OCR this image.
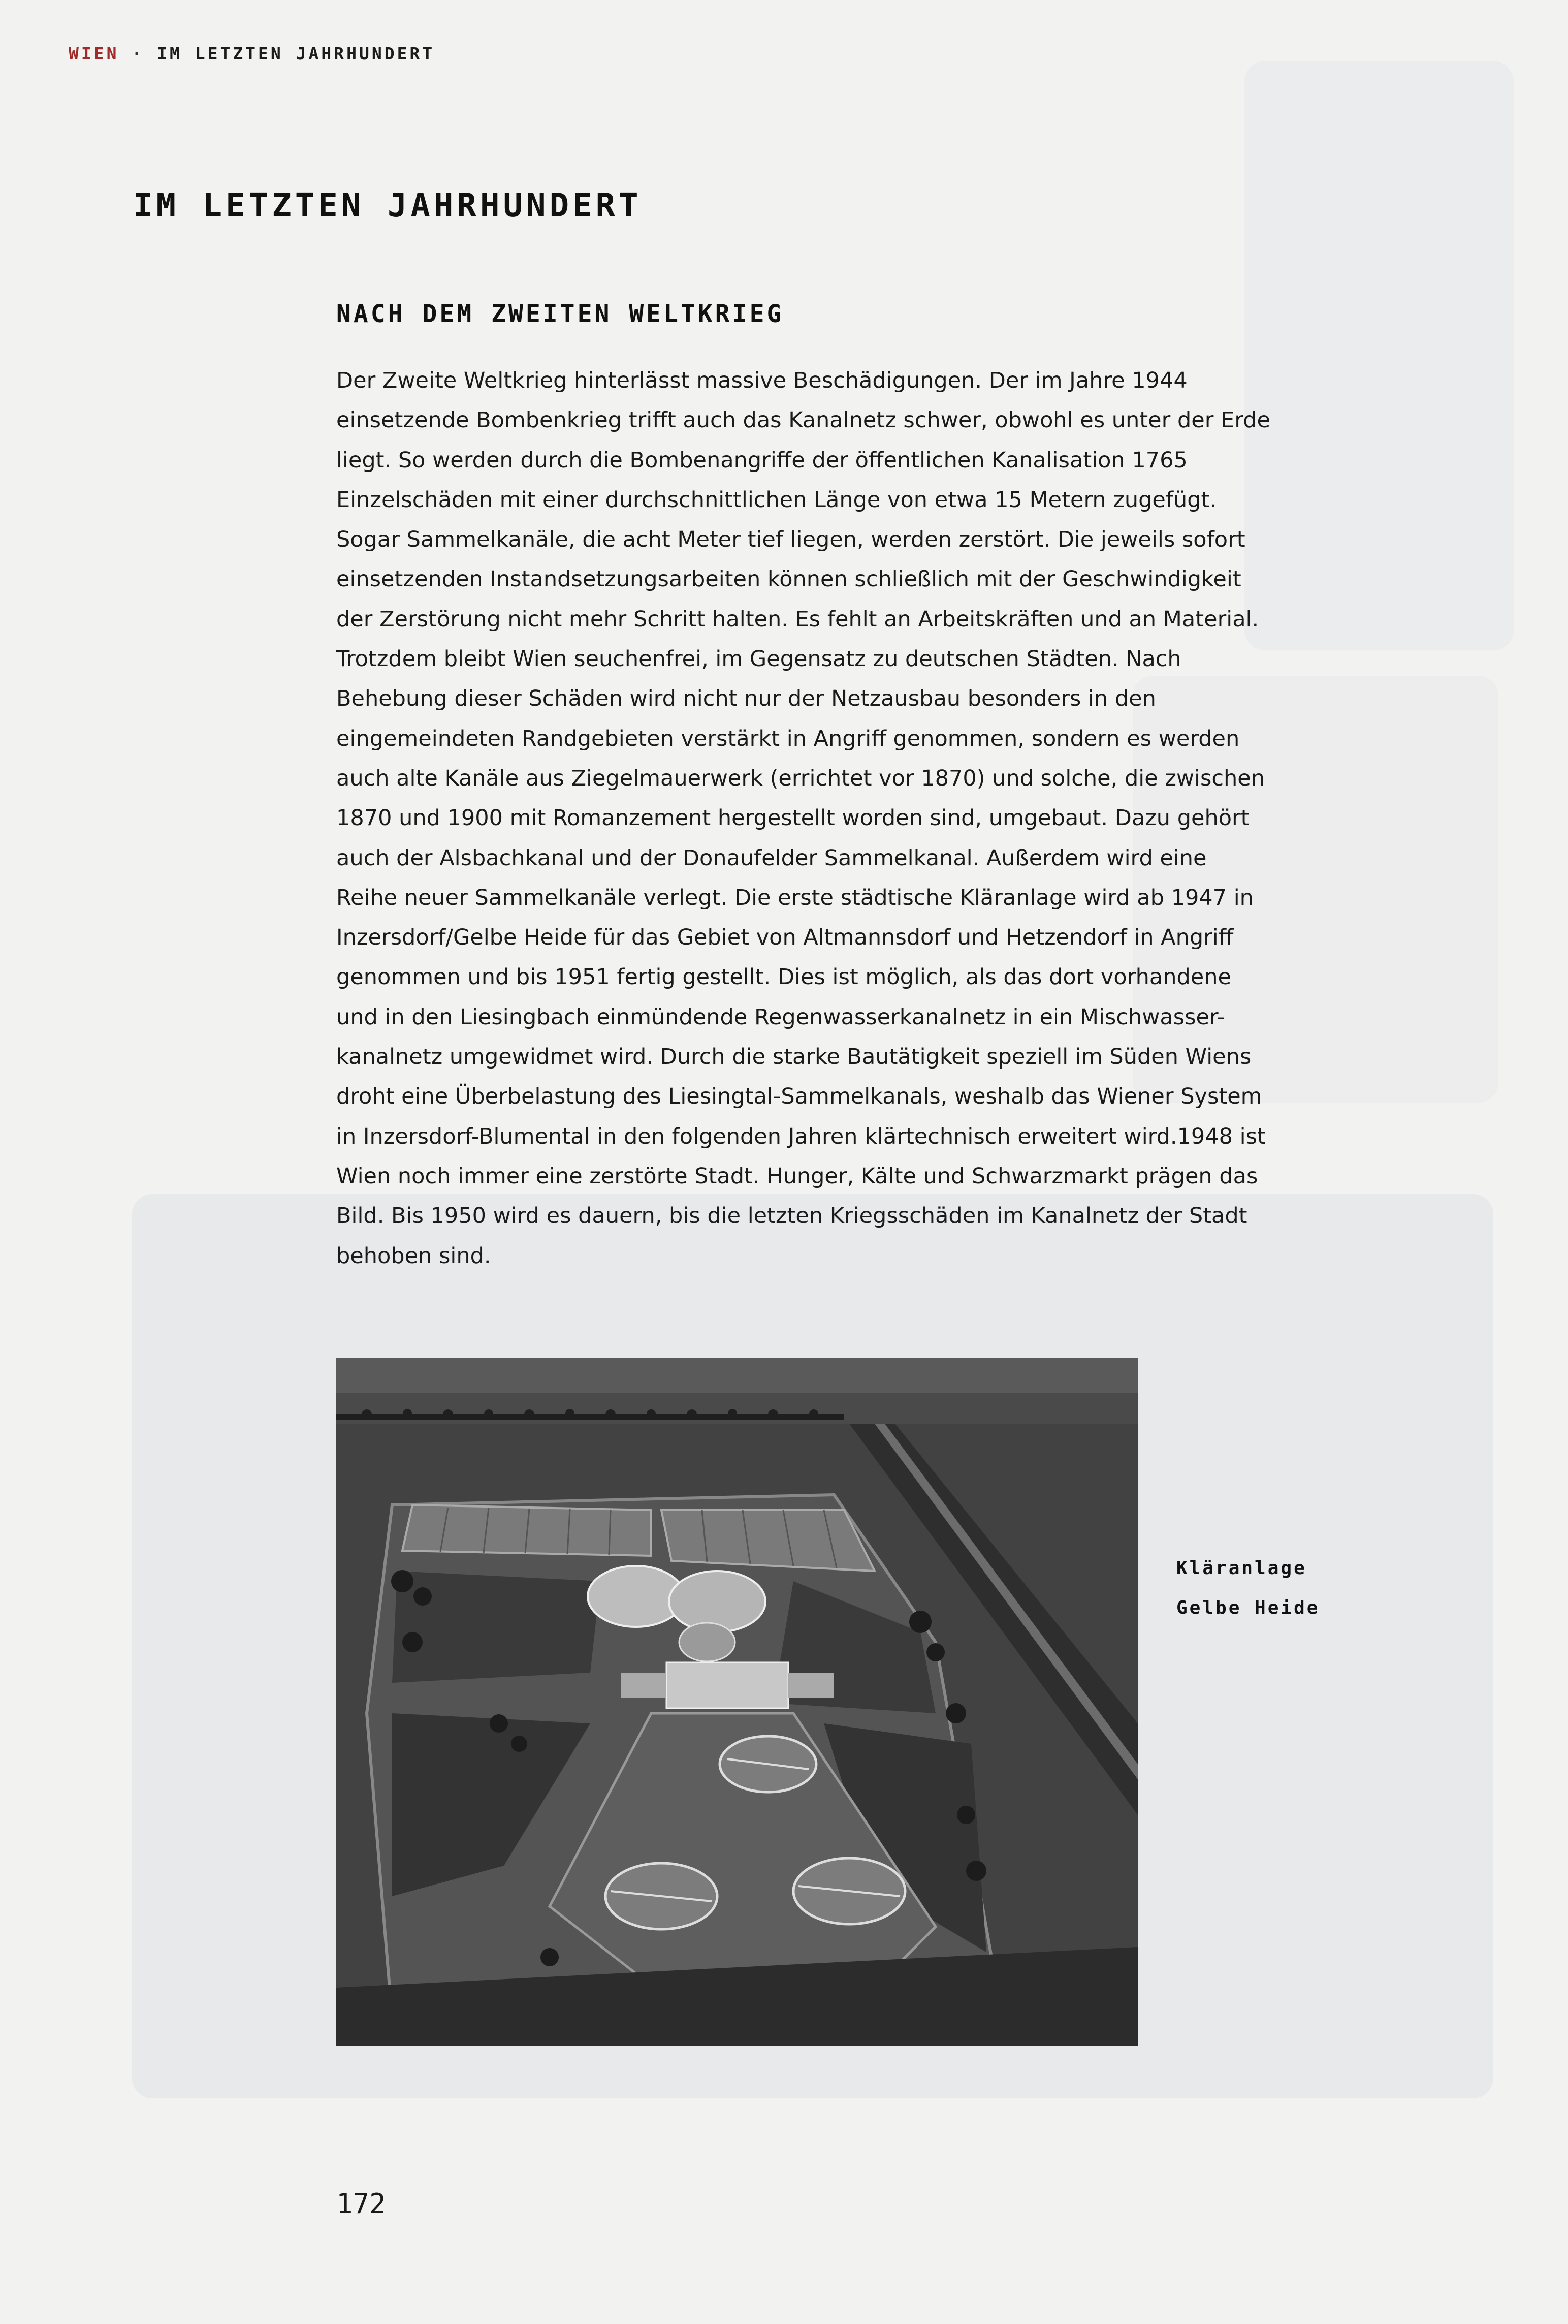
WIEN · IM LETZTEN JAHRHUNDERT
IM LETZTEN JAHRHUNDERT
NACH DEM ZWEITEN WELTKRIEG
Der Zweite Weltkrieg hinterlässt massive Beschädigungen. Der im Jahre 1944
einsetzende Bombenkrieg trifft auch das Kanalnetz schwer, obwohl es unter der Erde
liegt. So werden durch die Bombenangriffe der öffentlichen Kanalisation 1765
Einzelschäden mit einer durchschnittlichen Länge von etwa 15 Metern zugefügt.
Sogar Sammelkanäle, die acht Meter tief liegen, werden zerstört. Die jeweils sofort
einsetzenden Instandsetzungsarbeiten können schließlich mit der Geschwindigkeit
der Zerstörung nicht mehr Schritt halten. Es fehlt an Arbeitskräften und an Material.
Trotzdem bleibt Wien seuchenfrei, im Gegensatz zu deutschen Städten. Nach
Behebung dieser Schäden wird nicht nur der Netzausbau besonders in den
eingemeindeten Randgebieten verstärkt in Angriff genommen, sondern es werden
auch alte Kanäle aus Ziegelmauerwerk (errichtet vor 1870) und solche, die zwischen
1870 und 1900 mit Romanzement hergestellt worden sind, umgebaut. Dazu gehört
auch der Alsbachkanal und der Donaufelder Sammelkanal. Außerdem wird eine
Reihe neuer Sammelkanäle verlegt. Die erste städtische Kläranlage wird ab 1947 in
Inzersdorf/Gelbe Heide für das Gebiet von Altmannsdorf und Hetzendorf in Angriff
genommen und bis 1951 fertig gestellt. Dies ist möglich, als das dort vorhandene
und in den Liesingbach einmündende Regenwasserkanalnetz in ein Mischwasser-
kanalnetz umgewidmet wird. Durch die starke Bautätigkeit speziell im Süden Wiens
droht eine Überbelastung des Liesingtal-Sammelkanals, weshalb das Wiener System
in Inzersdorf-Blumental in den folgenden Jahren klärtechnisch erweitert wird.1948 ist
Wien noch immer eine zerstörte Stadt. Hunger, Kälte und Schwarzmarkt prägen das
Bild. Bis 1950 wird es dauern, bis die letzten Kriegsschäden im Kanalnetz der Stadt
behoben sind.
Kläranlage
Gelbe Heide
172
